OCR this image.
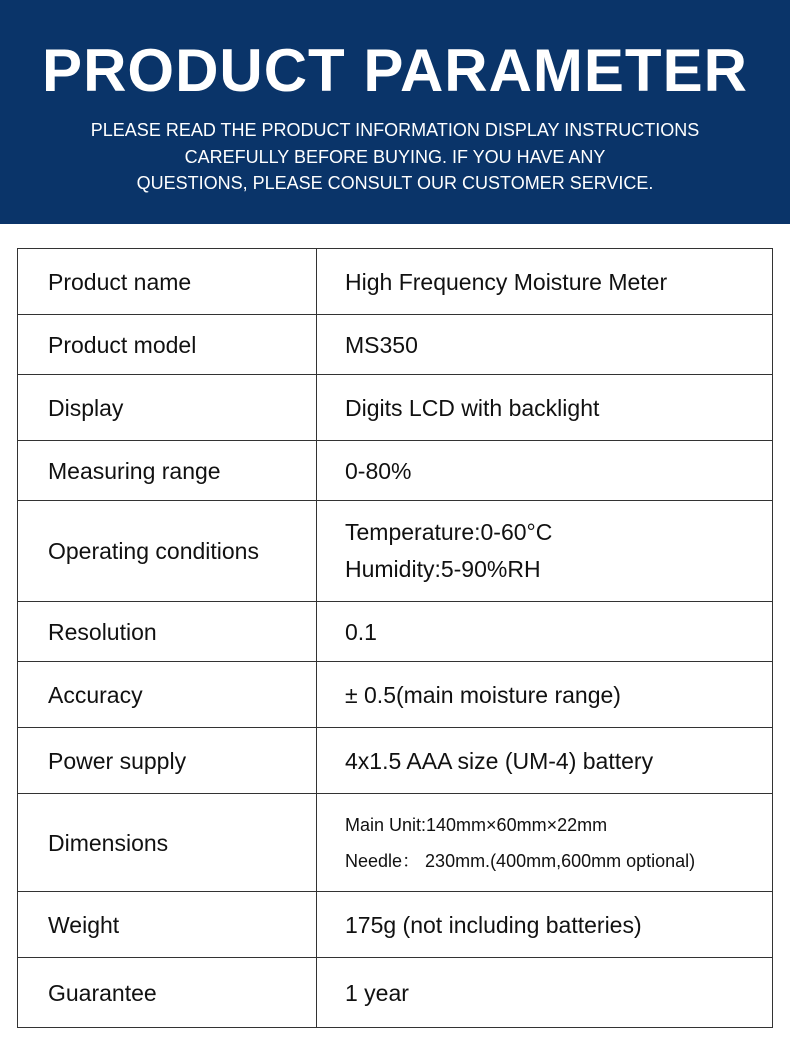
PRODUCT PARAMETER
PLEASE READ THE PRODUCT INFORMATION DISPLAY INSTRUCTIONS
CAREFULLY BEFORE BUYING. IF YOU HAVE ANY
QUESTIONS, PLEASE CONSULT OUR CUSTOMER SERVICE.
Product name	High Frequency Moisture Meter

Product model	MS350

Display	Digits LCD with backlight

Measuring range	0-80%

Operating conditions	Temperature:0-60°C
Humidity:5-90%RH

Resolution	0.1

Accuracy	± 0.5(main moisture range)

Power supply	4x1.5 AAA size (UM-4) battery

Dimensions	Main Unit:140mm×60mm×22mm
Needle： 230mm.(400mm,600mm optional)

Weight	175g (not including batteries)

Guarantee	1 year
